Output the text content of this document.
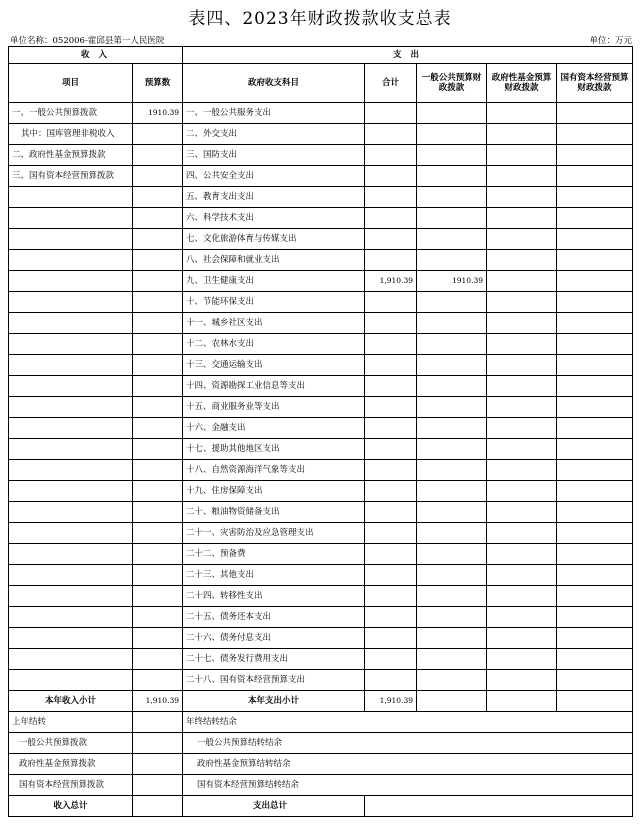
表四、2023年财政拨款收支总表
单位名称：052006-霍邱县第一人民医院	单位：万元
收 入		支 出				
项目	预算数	政府收支科目	合计	一般公共预算财政拨款	政府性基金预算财政拨款	国有资本经营预算财政拨款
一、一般公共预算拨款	1910.39	一、一般公共服务支出				
其中：国库管理非税收入		二、外交支出				
二、政府性基金预算拨款		三、国防支出				
三、国有资本经营预算拨款		四、公共安全支出				
		五、教育支出支出				
		六、科学技术支出				
		七、文化旅游体育与传媒支出				
		八、社会保障和就业支出				
		九、卫生健康支出	1,910.39	1910.39		
		十、节能环保支出				
		十一、城乡社区支出				
		十二、农林水支出				
		十三、交通运输支出				
		十四、资源勘探工业信息等支出				
		十五、商业服务业等支出				
		十六、金融支出				
		十七、援助其他地区支出				
		十八、自然资源海洋气象等支出				
		十九、住房保障支出				
		二十、粮油物资储备支出				
		二十一、灾害防治及应急管理支出				
		二十二、预备费				
		二十三、其他支出				
		二十四、转移性支出				
		二十五、债务还本支出				
		二十六、债务付息支出				
		二十七、债务发行费用支出				
		二十八、国有资本经营预算支出				
本年收入小计	1,910.39	本年支出小计	1,910.39			
上年结转		年终结转结余				
一般公共预算拨款		一般公共预算结转结余				
政府性基金预算拨款		政府性基金预算结转结余				
国有资本经营预算拨款		国有资本经营预算结转结余				
收入总计		支出总计				
